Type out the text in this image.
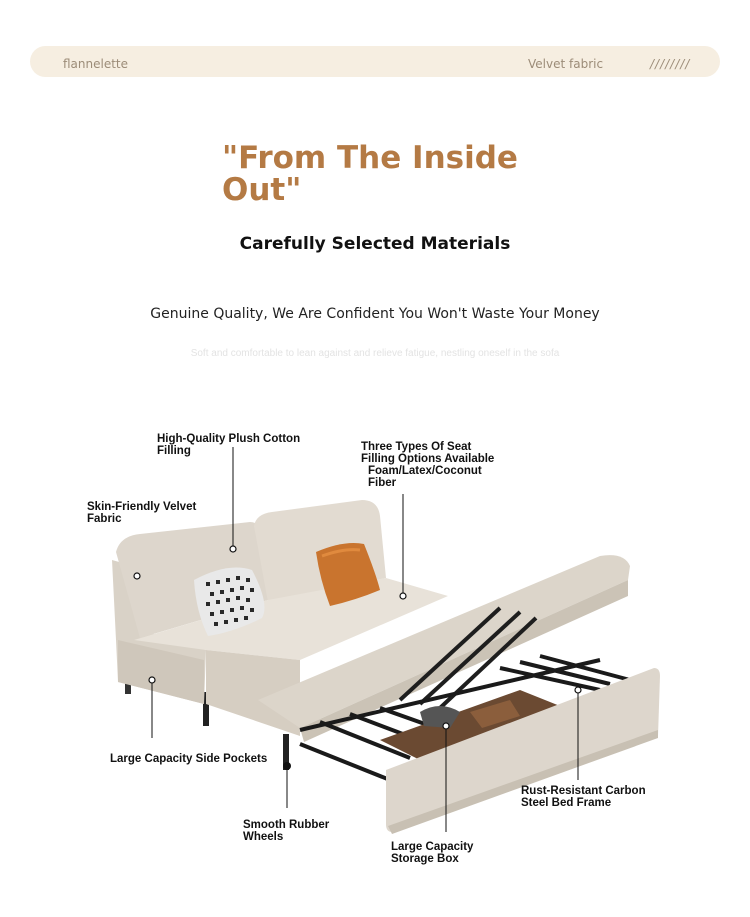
flannelette	Velvet fabric	////////
"From The Inside
Out"
Carefully Selected Materials
Genuine Quality, We Are Confident You Won't Waste Your Money
Soft and comfortable to lean against and relieve fatigue, nestling oneself in the sofa
High-Quality Plush Cotton
Filling	Three Types Of Seat
Filling Options Available
Foam/Latex/Coconut
Fiber
Skin-Friendly Velvet
Fabric
Large Capacity Side Pockets
Rust-Resistant Carbon
Steel Bed Frame
Smooth Rubber
Wheels
Large Capacity
Storage Box
